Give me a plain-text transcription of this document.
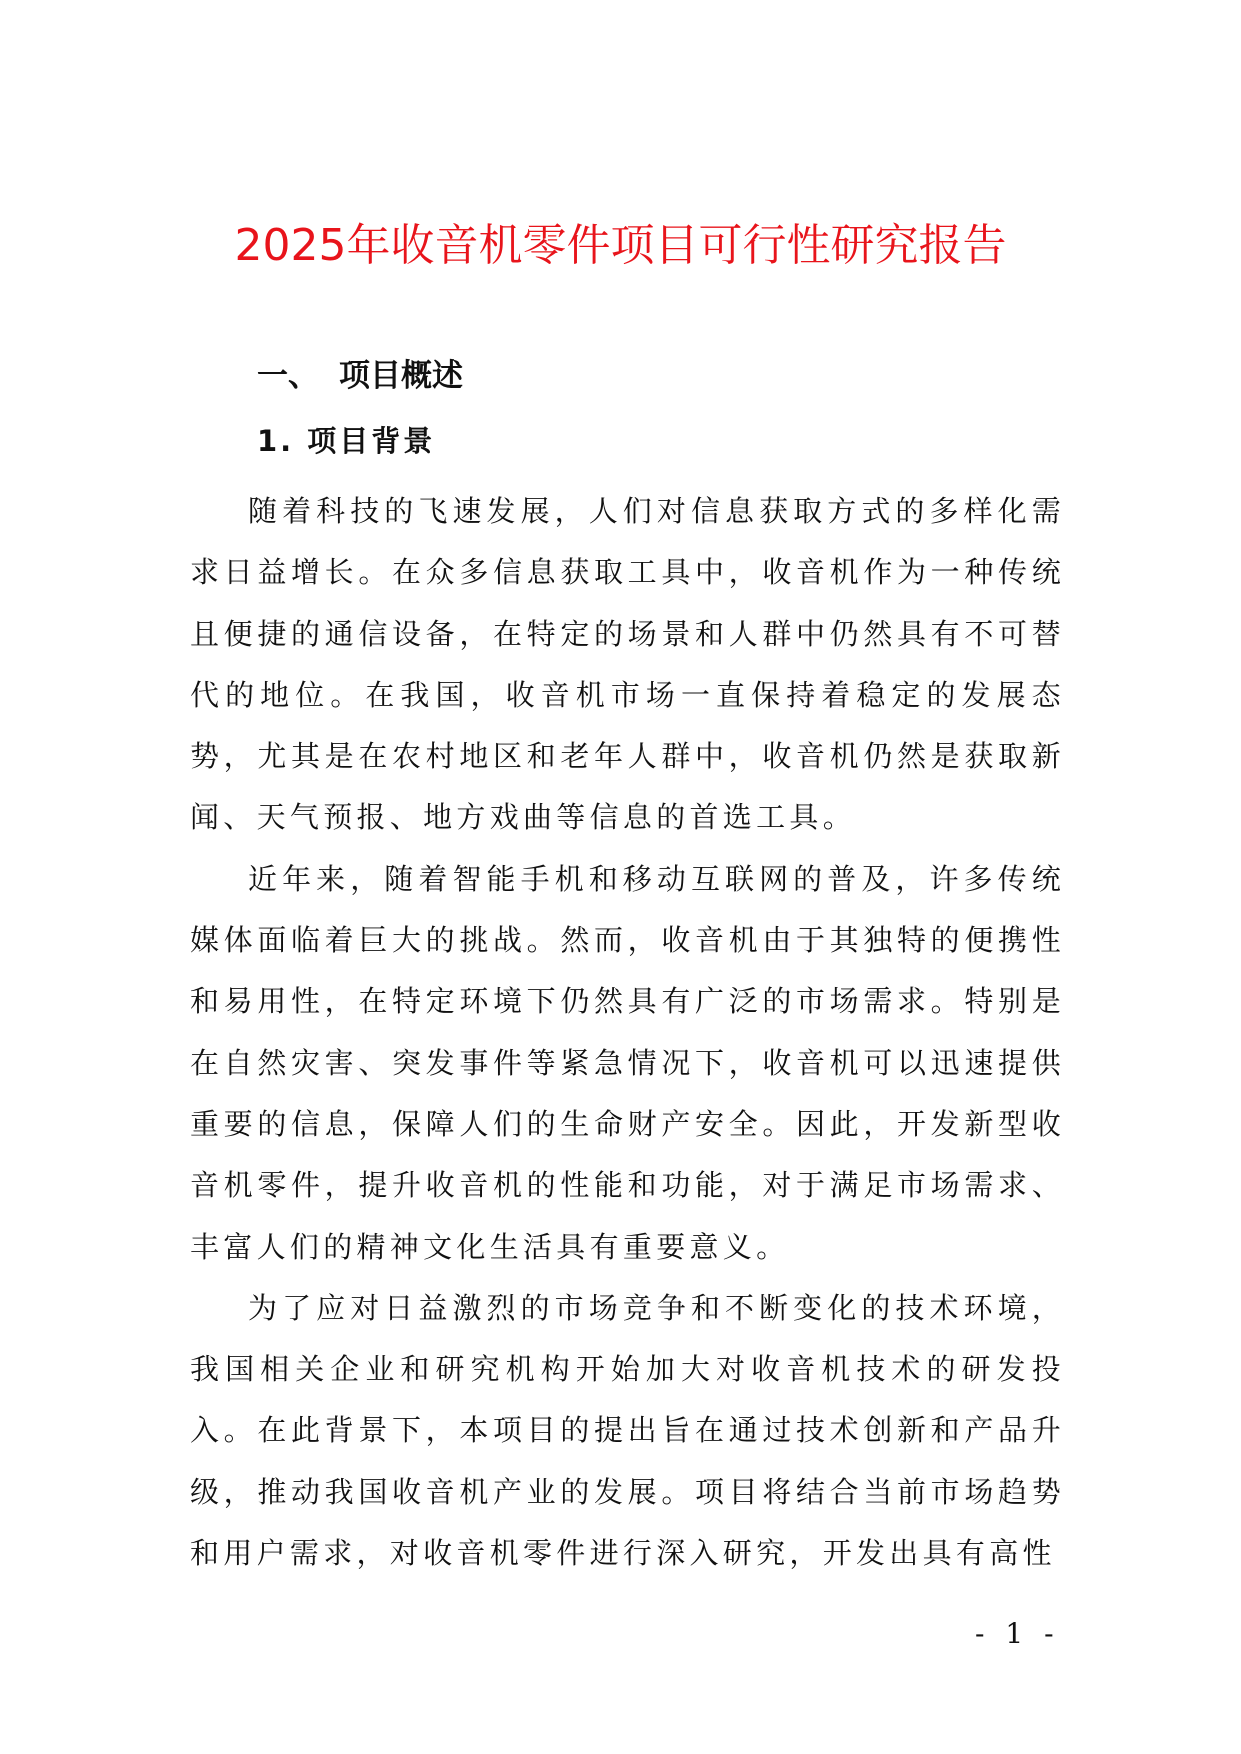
2025年收音机零件项目可行性研究报告
一、 项目概述
1. 项目背景

随着科技的飞速发展，人们对信息获取方式的多样化需求日益增长。在众多信息获取工具中，收音机作为一种传统且便捷的通信设备，在特定的场景和人群中仍然具有不可替代的地位。在我国，收音机市场一直保持着稳定的发展态势，尤其是在农村地区和老年人群中，收音机仍然是获取新闻、天气预报、地方戏曲等信息的首选工具。

近年来，随着智能手机和移动互联网的普及，许多传统媒体面临着巨大的挑战。然而，收音机由于其独特的便携性和易用性，在特定环境下仍然具有广泛的市场需求。特别是在自然灾害、突发事件等紧急情况下，收音机可以迅速提供重要的信息，保障人们的生命财产安全。因此，开发新型收音机零件，提升收音机的性能和功能，对于满足市场需求、丰富人们的精神文化生活具有重要意义。

为了应对日益激烈的市场竞争和不断变化的技术环境，我国相关企业和研究机构开始加大对收音机技术的研发投入。在此背景下，本项目的提出旨在通过技术创新和产品升级，推动我国收音机产业的发展。项目将结合当前市场趋势和用户需求，对收音机零件进行深入研究，开发出具有高性

- 1 -
